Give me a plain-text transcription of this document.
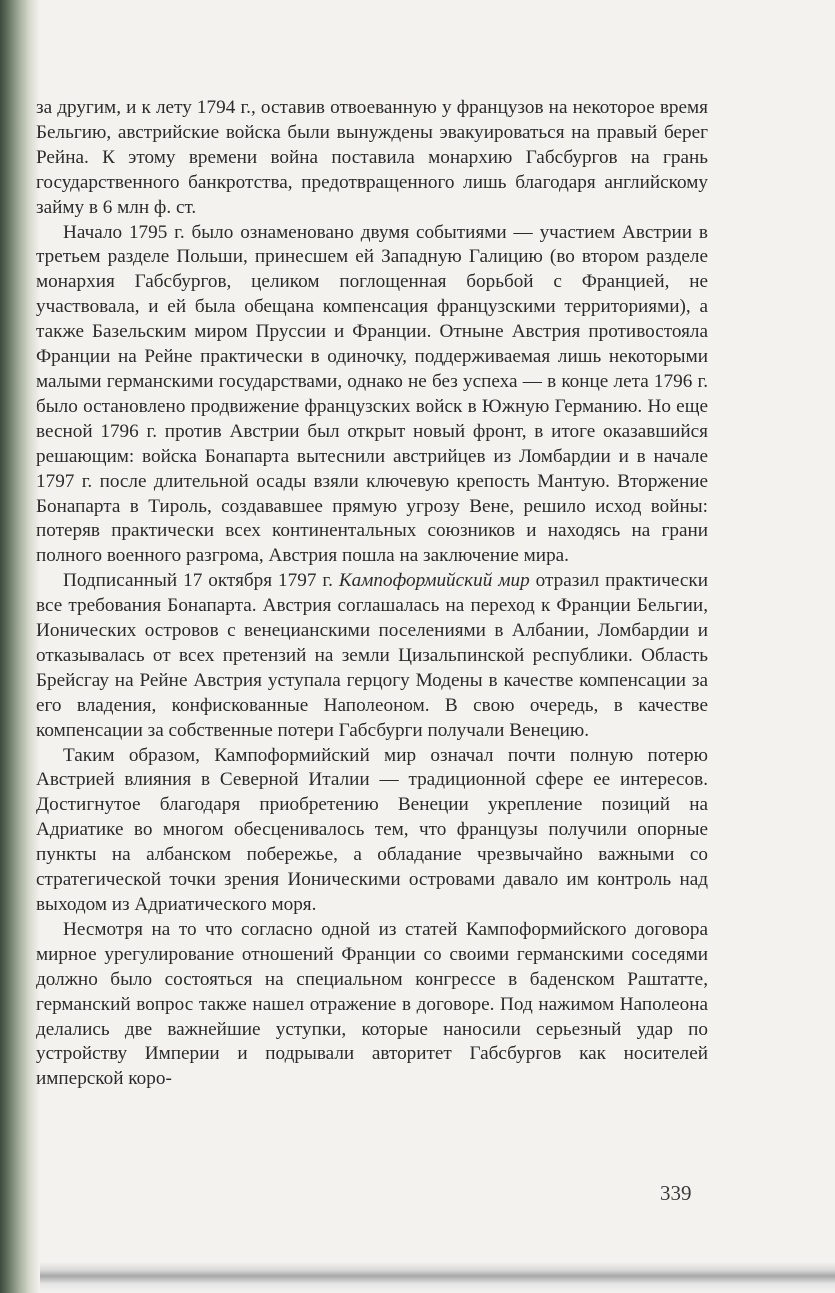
за другим, и к лету 1794 г., оставив отвоеванную у французов на некоторое время Бельгию, австрийские войска были вынуждены эвакуироваться на правый берег Рейна. К этому времени война поставила монархию Габсбургов на грань государственного банкротства, предотвращенного лишь благодаря английскому займу в 6 млн ф. ст.

Начало 1795 г. было ознаменовано двумя событиями — участием Австрии в третьем разделе Польши, принесшем ей Западную Галицию (во втором разделе монархия Габсбургов, целиком поглощенная борьбой с Францией, не участвовала, и ей была обещана компенсация французскими территориями), а также Базельским миром Пруссии и Франции. Отныне Австрия противостояла Франции на Рейне практически в одиночку, поддерживаемая лишь некоторыми малыми германскими государствами, однако не без успеха — в конце лета 1796 г. было остановлено продвижение французских войск в Южную Германию. Но еще весной 1796 г. против Австрии был открыт новый фронт, в итоге оказавшийся решающим: войска Бонапарта вытеснили австрийцев из Ломбардии и в начале 1797 г. после длительной осады взяли ключевую крепость Мантую. Вторжение Бонапарта в Тироль, создававшее прямую угрозу Вене, решило исход войны: потеряв практически всех континентальных союзников и находясь на грани полного военного разгрома, Австрия пошла на заключение мира.

Подписанный 17 октября 1797 г. Кампоформийский мир отразил практически все требования Бонапарта. Австрия соглашалась на переход к Франции Бельгии, Ионических островов с венецианскими поселениями в Албании, Ломбардии и отказывалась от всех претензий на земли Цизальпинской республики. Область Брейсгау на Рейне Австрия уступала герцогу Модены в качестве компенсации за его владения, конфискованные Наполеоном. В свою очередь, в качестве компенсации за собственные потери Габсбурги получали Венецию.

Таким образом, Кампоформийский мир означал почти полную потерю Австрией влияния в Северной Италии — традиционной сфере ее интересов. Достигнутое благодаря приобретению Венеции укрепление позиций на Адриатике во многом обесценивалось тем, что французы получили опорные пункты на албанском побережье, а обладание чрезвычайно важными со стратегической точки зрения Ионическими островами давало им контроль над выходом из Адриатического моря.

Несмотря на то что согласно одной из статей Кампоформийского договора мирное урегулирование отношений Франции со своими германскими соседями должно было состояться на специальном конгрессе в баденском Раштатте, германский вопрос также нашел отражение в договоре. Под нажимом Наполеона делались две важнейшие уступки, которые наносили серьезный удар по устройству Империи и подрывали авторитет Габсбургов как носителей имперской коро-

339
